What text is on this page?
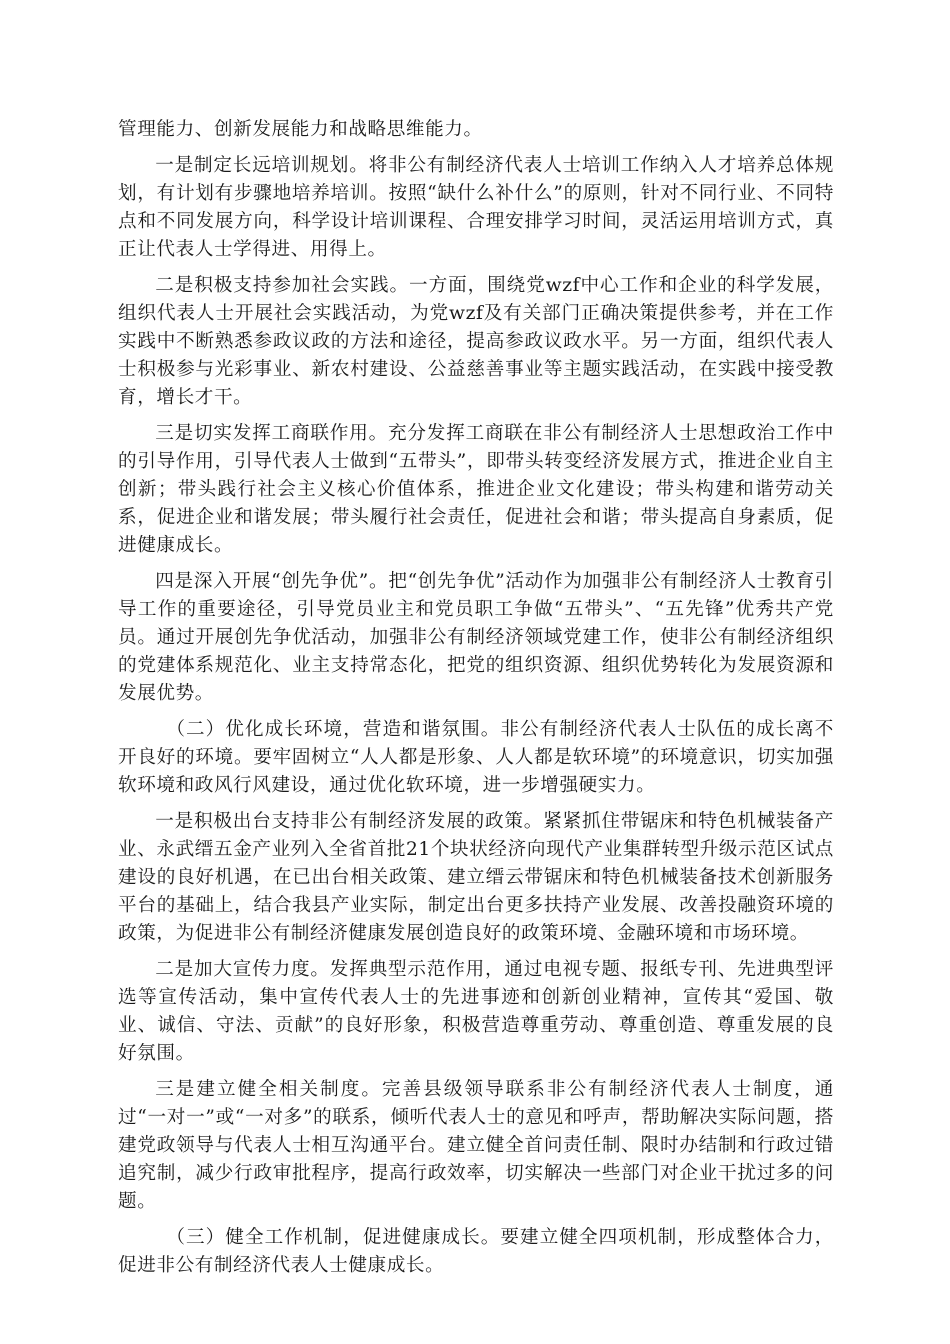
管理能力、创新发展能力和战略思维能力。

一是制定长远培训规划。将非公有制经济代表人士培训工作纳入人才培养总体规划，有计划有步骤地培养培训。按照“缺什么补什么”的原则，针对不同行业、不同特点和不同发展方向，科学设计培训课程、合理安排学习时间，灵活运用培训方式，真正让代表人士学得进、用得上。

二是积极支持参加社会实践。一方面，围绕党wzf中心工作和企业的科学发展，组织代表人士开展社会实践活动，为党wzf及有关部门正确决策提供参考，并在工作实践中不断熟悉参政议政的方法和途径，提高参政议政水平。另一方面，组织代表人士积极参与光彩事业、新农村建设、公益慈善事业等主题实践活动，在实践中接受教育，增长才干。

三是切实发挥工商联作用。充分发挥工商联在非公有制经济人士思想政治工作中的引导作用，引导代表人士做到“五带头”，即带头转变经济发展方式，推进企业自主创新；带头践行社会主义核心价值体系，推进企业文化建设；带头构建和谐劳动关系，促进企业和谐发展；带头履行社会责任，促进社会和谐；带头提高自身素质，促进健康成长。

四是深入开展“创先争优”。把“创先争优”活动作为加强非公有制经济人士教育引导工作的重要途径，引导党员业主和党员职工争做“五带头”、“五先锋”优秀共产党员。通过开展创先争优活动，加强非公有制经济领域党建工作，使非公有制经济组织的党建体系规范化、业主支持常态化，把党的组织资源、组织优势转化为发展资源和发展优势。

（二）优化成长环境，营造和谐氛围。非公有制经济代表人士队伍的成长离不开良好的环境。要牢固树立“人人都是形象、人人都是软环境”的环境意识，切实加强软环境和政风行风建设，通过优化软环境，进一步增强硬实力。

一是积极出台支持非公有制经济发展的政策。紧紧抓住带锯床和特色机械装备产业、永武缙五金产业列入全省首批21个块状经济向现代产业集群转型升级示范区试点建设的良好机遇，在已出台相关政策、建立缙云带锯床和特色机械装备技术创新服务平台的基础上，结合我县产业实际，制定出台更多扶持产业发展、改善投融资环境的政策，为促进非公有制经济健康发展创造良好的政策环境、金融环境和市场环境。

二是加大宣传力度。发挥典型示范作用，通过电视专题、报纸专刊、先进典型评选等宣传活动，集中宣传代表人士的先进事迹和创新创业精神，宣传其“爱国、敬业、诚信、守法、贡献”的良好形象，积极营造尊重劳动、尊重创造、尊重发展的良好氛围。

三是建立健全相关制度。完善县级领导联系非公有制经济代表人士制度，通过“一对一”或“一对多”的联系，倾听代表人士的意见和呼声，帮助解决实际问题，搭建党政领导与代表人士相互沟通平台。建立健全首问责任制、限时办结制和行政过错追究制，减少行政审批程序，提高行政效率，切实解决一些部门对企业干扰过多的问题。

（三）健全工作机制，促进健康成长。要建立健全四项机制，形成整体合力，促进非公有制经济代表人士健康成长。
